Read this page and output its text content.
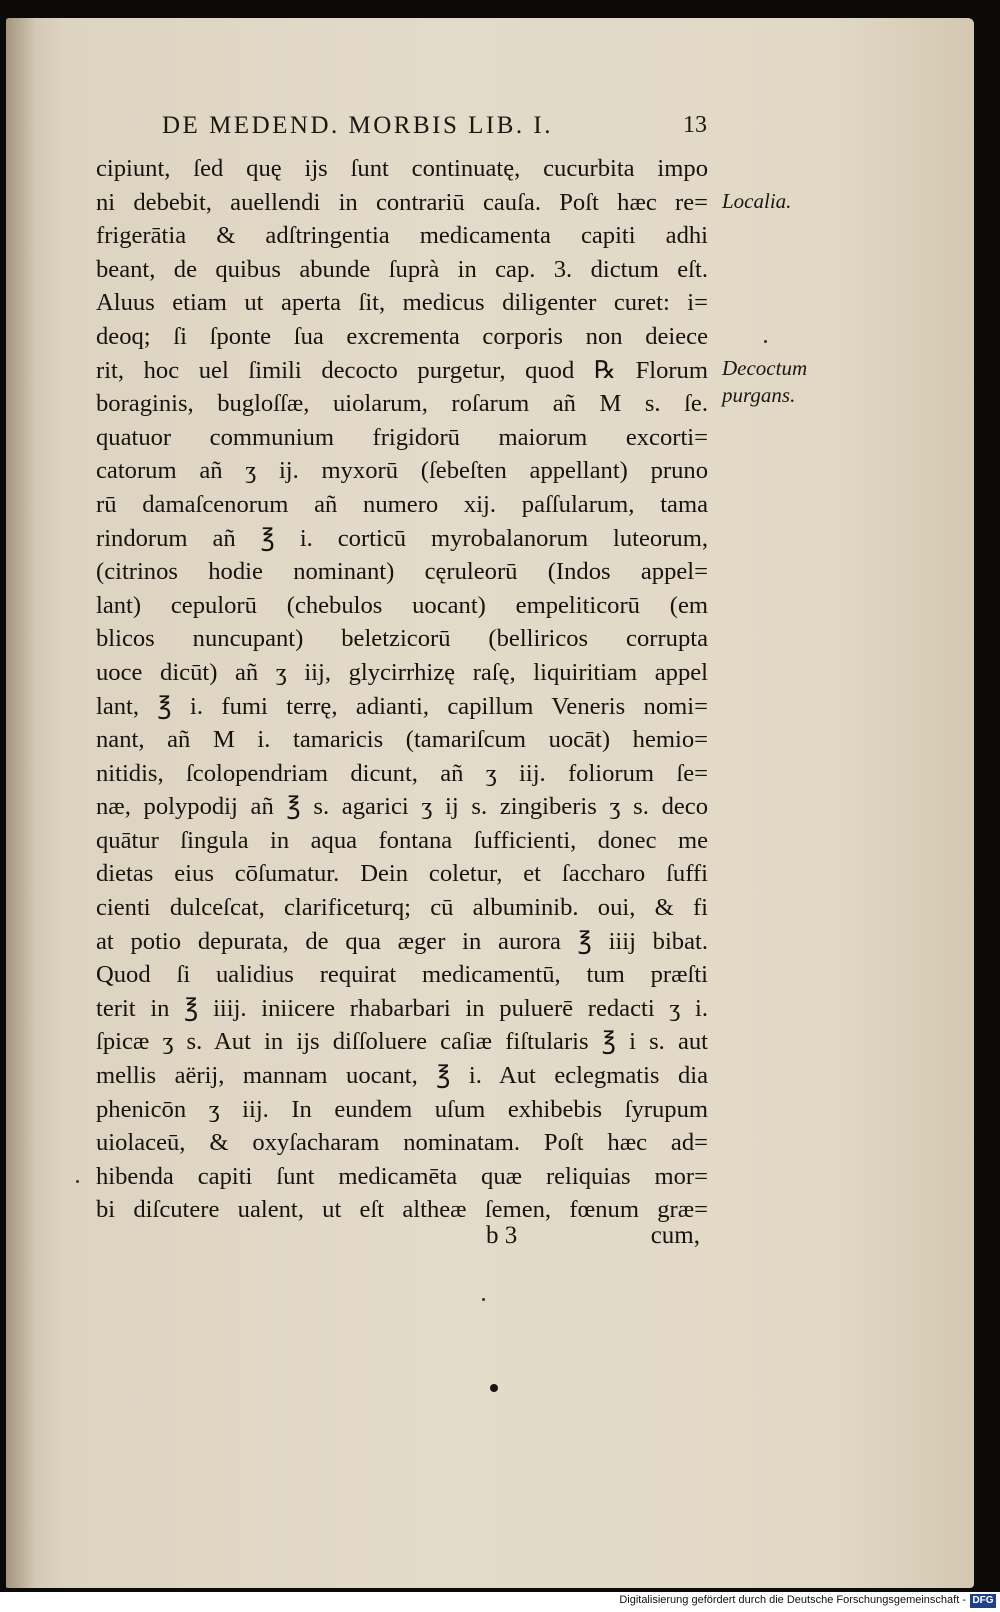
DE MEDEND. MORBIS LIB. I.	13
cipiunt, ſed quę ijs ſunt continuatę, cucurbita impo
ni debebit, auellendi in contrariū cauſa. Poſt hæc re=
frigerātia & adſtringentia medicamenta capiti adhi
beant, de quibus abunde ſuprà in cap. 3. dictum eſt.
Aluus etiam ut aperta ſit, medicus diligenter curet: i=
deoq; ſi ſponte ſua excrementa corporis non deiece
rit, hoc uel ſimili decocto purgetur, quod ℞ Florum
boraginis, bugloſſæ, uiolarum, roſarum añ M s. ſe.
quatuor communium frigidorū maiorum excorti=
catorum añ ʒ ij. myxorū (ſebeſten appellant) pruno
rū damaſcenorum añ numero xij. paſſularum, tama
rindorum añ ℥ i. corticū myrobalanorum luteorum,
(citrinos hodie nominant) cęruleorū (Indos appel=
lant) cepulorū (chebulos uocant) empeliticorū (em
blicos nuncupant) beletzicorū (belliricos corrupta
uoce dicūt) añ ʒ iij, glycirrhizę raſę, liquiritiam appel
lant, ℥ i. fumi terrę, adianti, capillum Veneris nomi=
nant, añ M i. tamaricis (tamariſcum uocāt) hemio=
nitidis, ſcolopendriam dicunt, añ ʒ iij. foliorum ſe=
næ, polypodij añ ℥ s. agarici ʒ ij s. zingiberis ʒ s. deco
quātur ſingula in aqua fontana ſufficienti, donec me
dietas eius cōſumatur. Dein coletur, et ſaccharo ſuffi
cienti dulceſcat, clarificeturq; cū albuminib. oui, & fi
at potio depurata, de qua æger in aurora ℥ iiij bibat.
Quod ſi ualidius requirat medicamentū, tum præſti
terit in ℥ iiij. iniicere rhabarbari in puluerē redacti ʒ i.
ſpicæ ʒ s. Aut in ijs diſſoluere caſiæ fiſtularis ℥ i s. aut
mellis aërij, mannam uocant, ℥ i. Aut eclegmatis dia
phenicōn ʒ iij. In eundem uſum exhibebis ſyrupum
uiolaceū, & oxyſacharam nominatam. Poſt hæc ad=
hibenda capiti ſunt medicamēta quæ reliquias mor=
bi diſcutere ualent, ut eſt altheæ ſemen, fœnum græ=
Localia.
Decoctum
purgans.
b 3	cum,
Digitalisierung gefördert durch die Deutsche Forschungsgemeinschaft - DFG
